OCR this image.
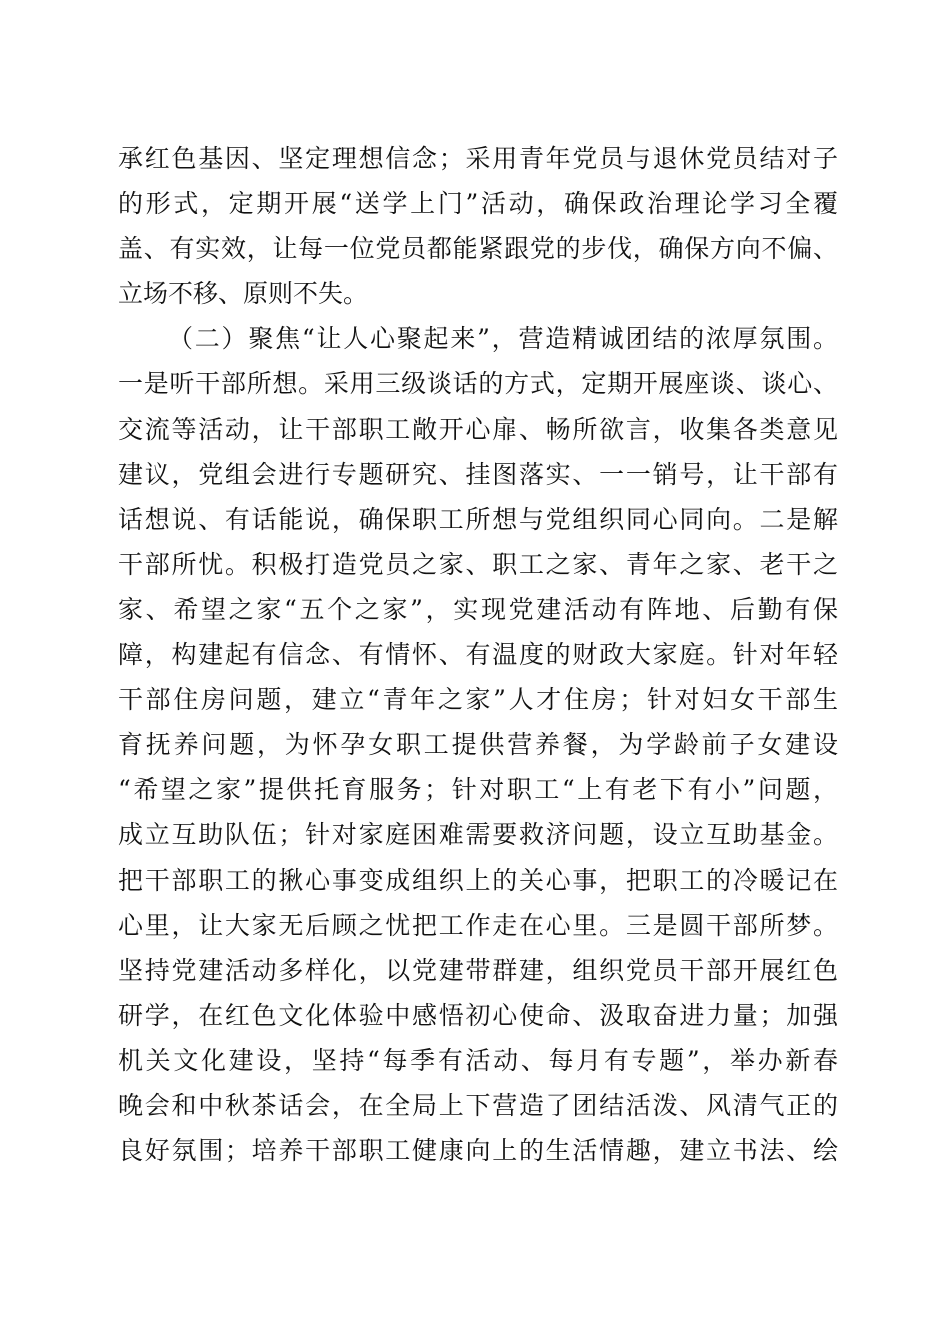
承红色基因、坚定理想信念；采用青年党员与退休党员结对子
的形式，定期开展“送学上门”活动，确保政治理论学习全覆
盖、有实效，让每一位党员都能紧跟党的步伐，确保方向不偏、
立场不移、原则不失。
（二）聚焦“让人心聚起来”，营造精诚团结的浓厚氛围。
一是听干部所想。采用三级谈话的方式，定期开展座谈、谈心、
交流等活动，让干部职工敞开心扉、畅所欲言，收集各类意见
建议，党组会进行专题研究、挂图落实、一一销号，让干部有
话想说、有话能说，确保职工所想与党组织同心同向。二是解
干部所忧。积极打造党员之家、职工之家、青年之家、老干之
家、希望之家“五个之家”，实现党建活动有阵地、后勤有保
障，构建起有信念、有情怀、有温度的财政大家庭。针对年轻
干部住房问题，建立“青年之家”人才住房；针对妇女干部生
育抚养问题，为怀孕女职工提供营养餐，为学龄前子女建设
“希望之家”提供托育服务；针对职工“上有老下有小”问题，
成立互助队伍；针对家庭困难需要救济问题，设立互助基金。
把干部职工的揪心事变成组织上的关心事，把职工的冷暖记在
心里，让大家无后顾之忧把工作走在心里。三是圆干部所梦。
坚持党建活动多样化，以党建带群建，组织党员干部开展红色
研学，在红色文化体验中感悟初心使命、汲取奋进力量；加强
机关文化建设，坚持“每季有活动、每月有专题”，举办新春
晚会和中秋茶话会，在全局上下营造了团结活泼、风清气正的
良好氛围；培养干部职工健康向上的生活情趣，建立书法、绘
